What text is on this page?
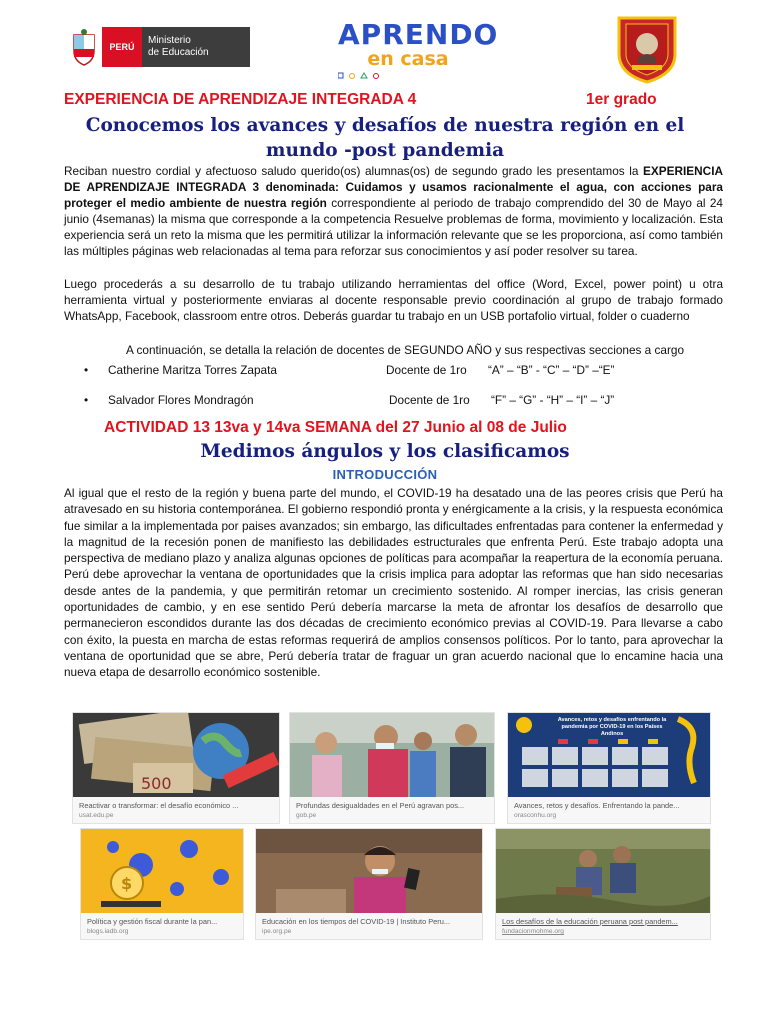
PERÚ
Ministerio
de Educación
APRENDO
en casa
EXPERIENCIA DE APRENDIZAJE INTEGRADA 4	1er grado
Conocemos los avances y desafíos de nuestra región en el mundo -post pandemia
Reciban nuestro cordial y afectuoso saludo querido(os) alumnas(os) de segundo grado les presentamos la EXPERIENCIA DE APRENDIZAJE INTEGRADA 3 denominada: Cuidamos y usamos racionalmente el agua, con acciones para proteger el medio ambiente de nuestra región correspondiente al periodo de trabajo comprendido del 30 de Mayo al 24 junio (4semanas) la misma que corresponde a la competencia Resuelve problemas de forma, movimiento y localización. Esta experiencia será un reto la misma que les permitirá utilizar la información relevante que se les proporciona, así como también las múltiples páginas web relacionadas al tema para reforzar sus conocimientos y así poder resolver su tarea.
Luego procederás a su desarrollo de tu trabajo utilizando herramientas del office (Word, Excel, power point) u otra herramienta virtual y posteriormente enviaras al docente responsable previo coordinación al grupo de trabajo formado WhatsApp, Facebook, classroom entre otros. Deberás guardar tu trabajo en un USB portafolio virtual, folder o cuaderno
A continuación, se detalla la relación de docentes de SEGUNDO AÑO y sus respectivas secciones a cargo
• Catherine Maritza Torres Zapata	Docente de 1ro “A” – “B” - “C” – “D” –“E”
• Salvador Flores Mondragón	Docente de 1ro “F” – “G” - “H” – “I” – “J”
ACTIVIDAD 13 13va y 14va SEMANA del 27 Junio al 08 de Julio
Medimos ángulos y los clasificamos
INTRODUCCIÓN
Al igual que el resto de la región y buena parte del mundo, el COVID-19 ha desatado una de las peores crisis que Perú ha atravesado en su historia contemporánea. El gobierno respondió pronta y enérgicamente a la crisis, y la respuesta económica fue similar a la implementada por paises avanzados; sin embargo, las dificultades enfrentadas para contener la enfermedad y la magnitud de la recesión ponen de manifiesto las debilidades estructurales que enfrenta Perú. Este trabajo adopta una perspectiva de mediano plazo y analiza algunas opciones de políticas para acompañar la reapertura de la economía peruana. Perú debe aprovechar la ventana de oportunidades que la crisis implica para adoptar las reformas que han sido necesarias desde antes de la pandemia, y que permitirán retomar un crecimiento sostenido. Al romper inercias, las crisis generan oportunidades de cambio, y en ese sentido Perú debería marcarse la meta de afrontar los desafíos de desarrollo que permanecieron escondidos durante las dos décadas de crecimiento económico previas al COVID-19. Para llevarse a cabo con éxito, la puesta en marcha de estas reformas requerirá de amplios consensos políticos. Por lo tanto, para aprovechar la ventana de oportunidad que se abre, Perú debería tratar de fraguar un gran acuerdo nacional que lo encamine hacia una nueva etapa de desarrollo económico sostenible.
500
Reactivar o transformar: el desafío económico ...
usat.edu.pe
Profundas desigualdades en el Perú agravan pos...
gob.pe
Avances, retos y desafíos enfrentando la pandemia por COVID-19 en los Países Andinos
Avances, retos y desafíos. Enfrentando la pande...
orasconhu.org
$
Política y gestión fiscal durante la pan...
blogs.iadb.org
Educación en los tiempos del COVID-19 | Instituto Peru...
ipe.org.pe
Los desafíos de la educación peruana post pandem...
fundacionmohme.org
